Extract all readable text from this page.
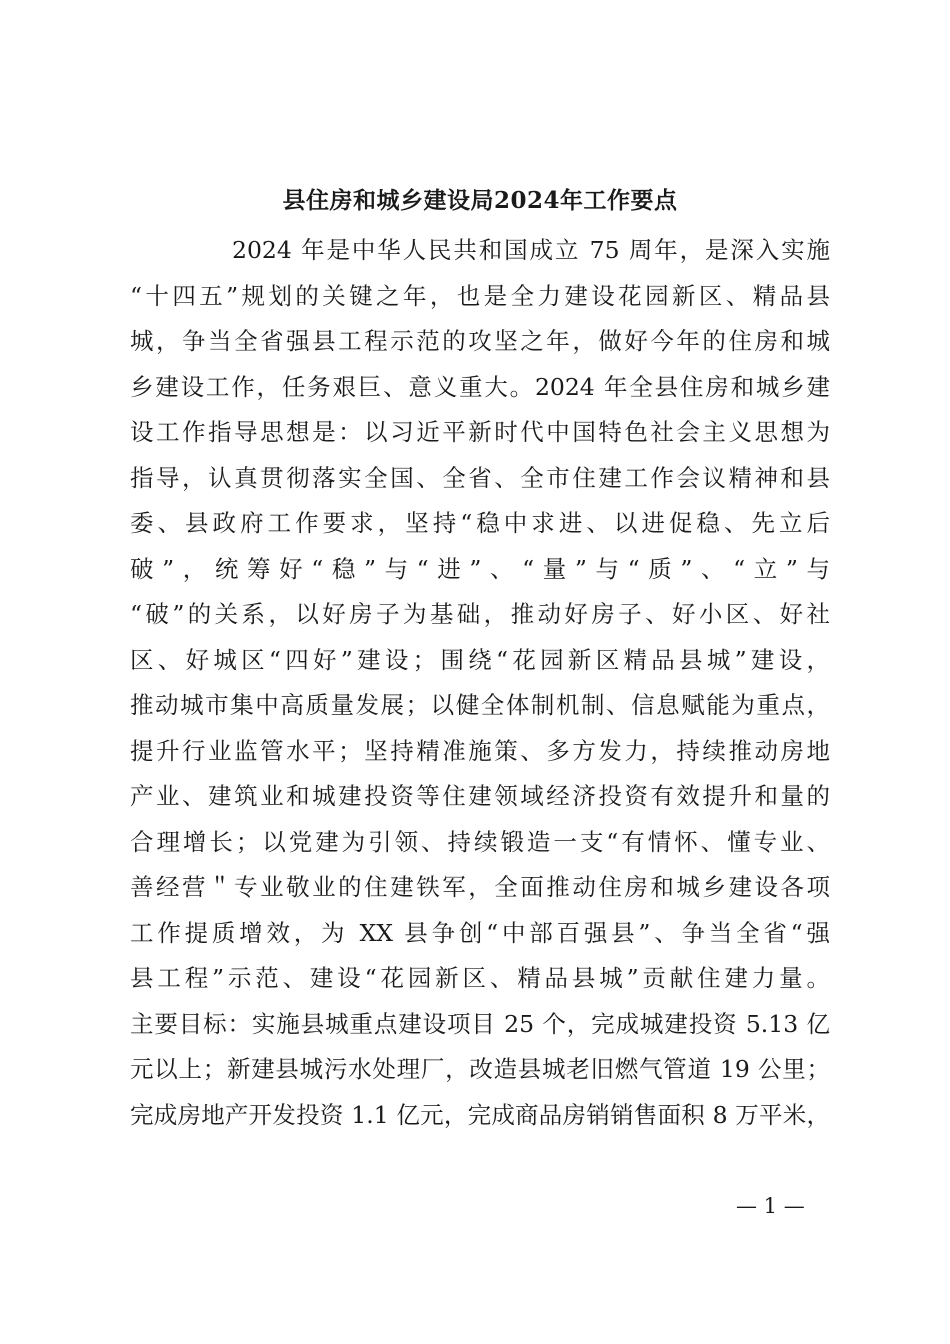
县住房和城乡建设局2024年工作要点
2024 年是中华人民共和国成立 75 周年，是深入实施
“十四五”规划的关键之年，也是全力建设花园新区、精品县
城，争当全省强县工程示范的攻坚之年，做好今年的住房和城
乡建设工作，任务艰巨、意义重大。2024 年全县住房和城乡建
设工作指导思想是：以习近平新时代中国特色社会主义思想为
指导，认真贯彻落实全国、全省、全市住建工作会议精神和县
委、县政府工作要求，坚持“稳中求进、以进促稳、先立后
破”，统筹好“稳”与“进”、“量”与“质”、“立”与
“破”的关系，以好房子为基础，推动好房子、好小区、好社
区、好城区“四好”建设；围绕“花园新区精品县城”建设，
推动城市集中高质量发展；以健全体制机制、信息赋能为重点，
提升行业监管水平；坚持精准施策、多方发力，持续推动房地
产业、建筑业和城建投资等住建领域经济投资有效提升和量的
合理增长；以党建为引领、持续锻造一支“有情怀、懂专业、
善经营＂专业敬业的住建铁军，全面推动住房和城乡建设各项
工作提质增效，为 XX 县争创“中部百强县”、争当全省“强
县工程”示范、建设“花园新区、精品县城”贡献住建力量。
主要目标：实施县城重点建设项目 25 个，完成城建投资 5.13 亿
元以上；新建县城污水处理厂，改造县城老旧燃气管道 19 公里；
完成房地产开发投资 1.1 亿元，完成商品房销销售面积 8 万平米，
— 1 —
